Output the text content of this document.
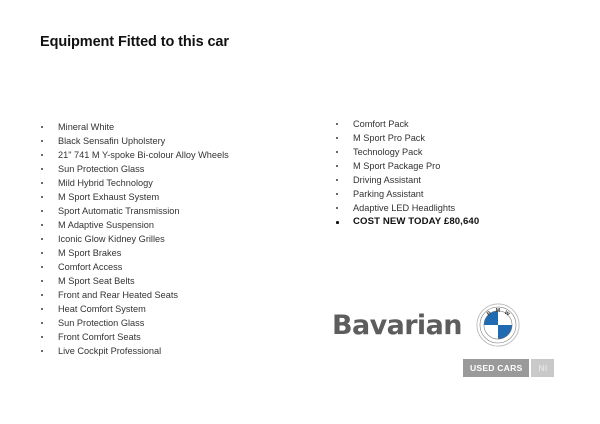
Equipment Fitted to this car
Mineral White
Black Sensafin Upholstery
21" 741 M Y-spoke Bi-colour Alloy Wheels
Sun Protection Glass
Mild Hybrid Technology
M Sport Exhaust System
Sport Automatic Transmission
M Adaptive Suspension
Iconic Glow Kidney Grilles
M Sport Brakes
Comfort Access
M Sport Seat Belts
Front and Rear Heated Seats
Heat Comfort System
Sun Protection Glass
Front Comfort Seats
Live Cockpit Professional
Comfort Pack
M Sport Pro Pack
Technology Pack
M Sport Package Pro
Driving Assistant
Parking Assistant
Adaptive LED Headlights
COST NEW TODAY £80,640
Bavarian B M W
USED CARS	NI
